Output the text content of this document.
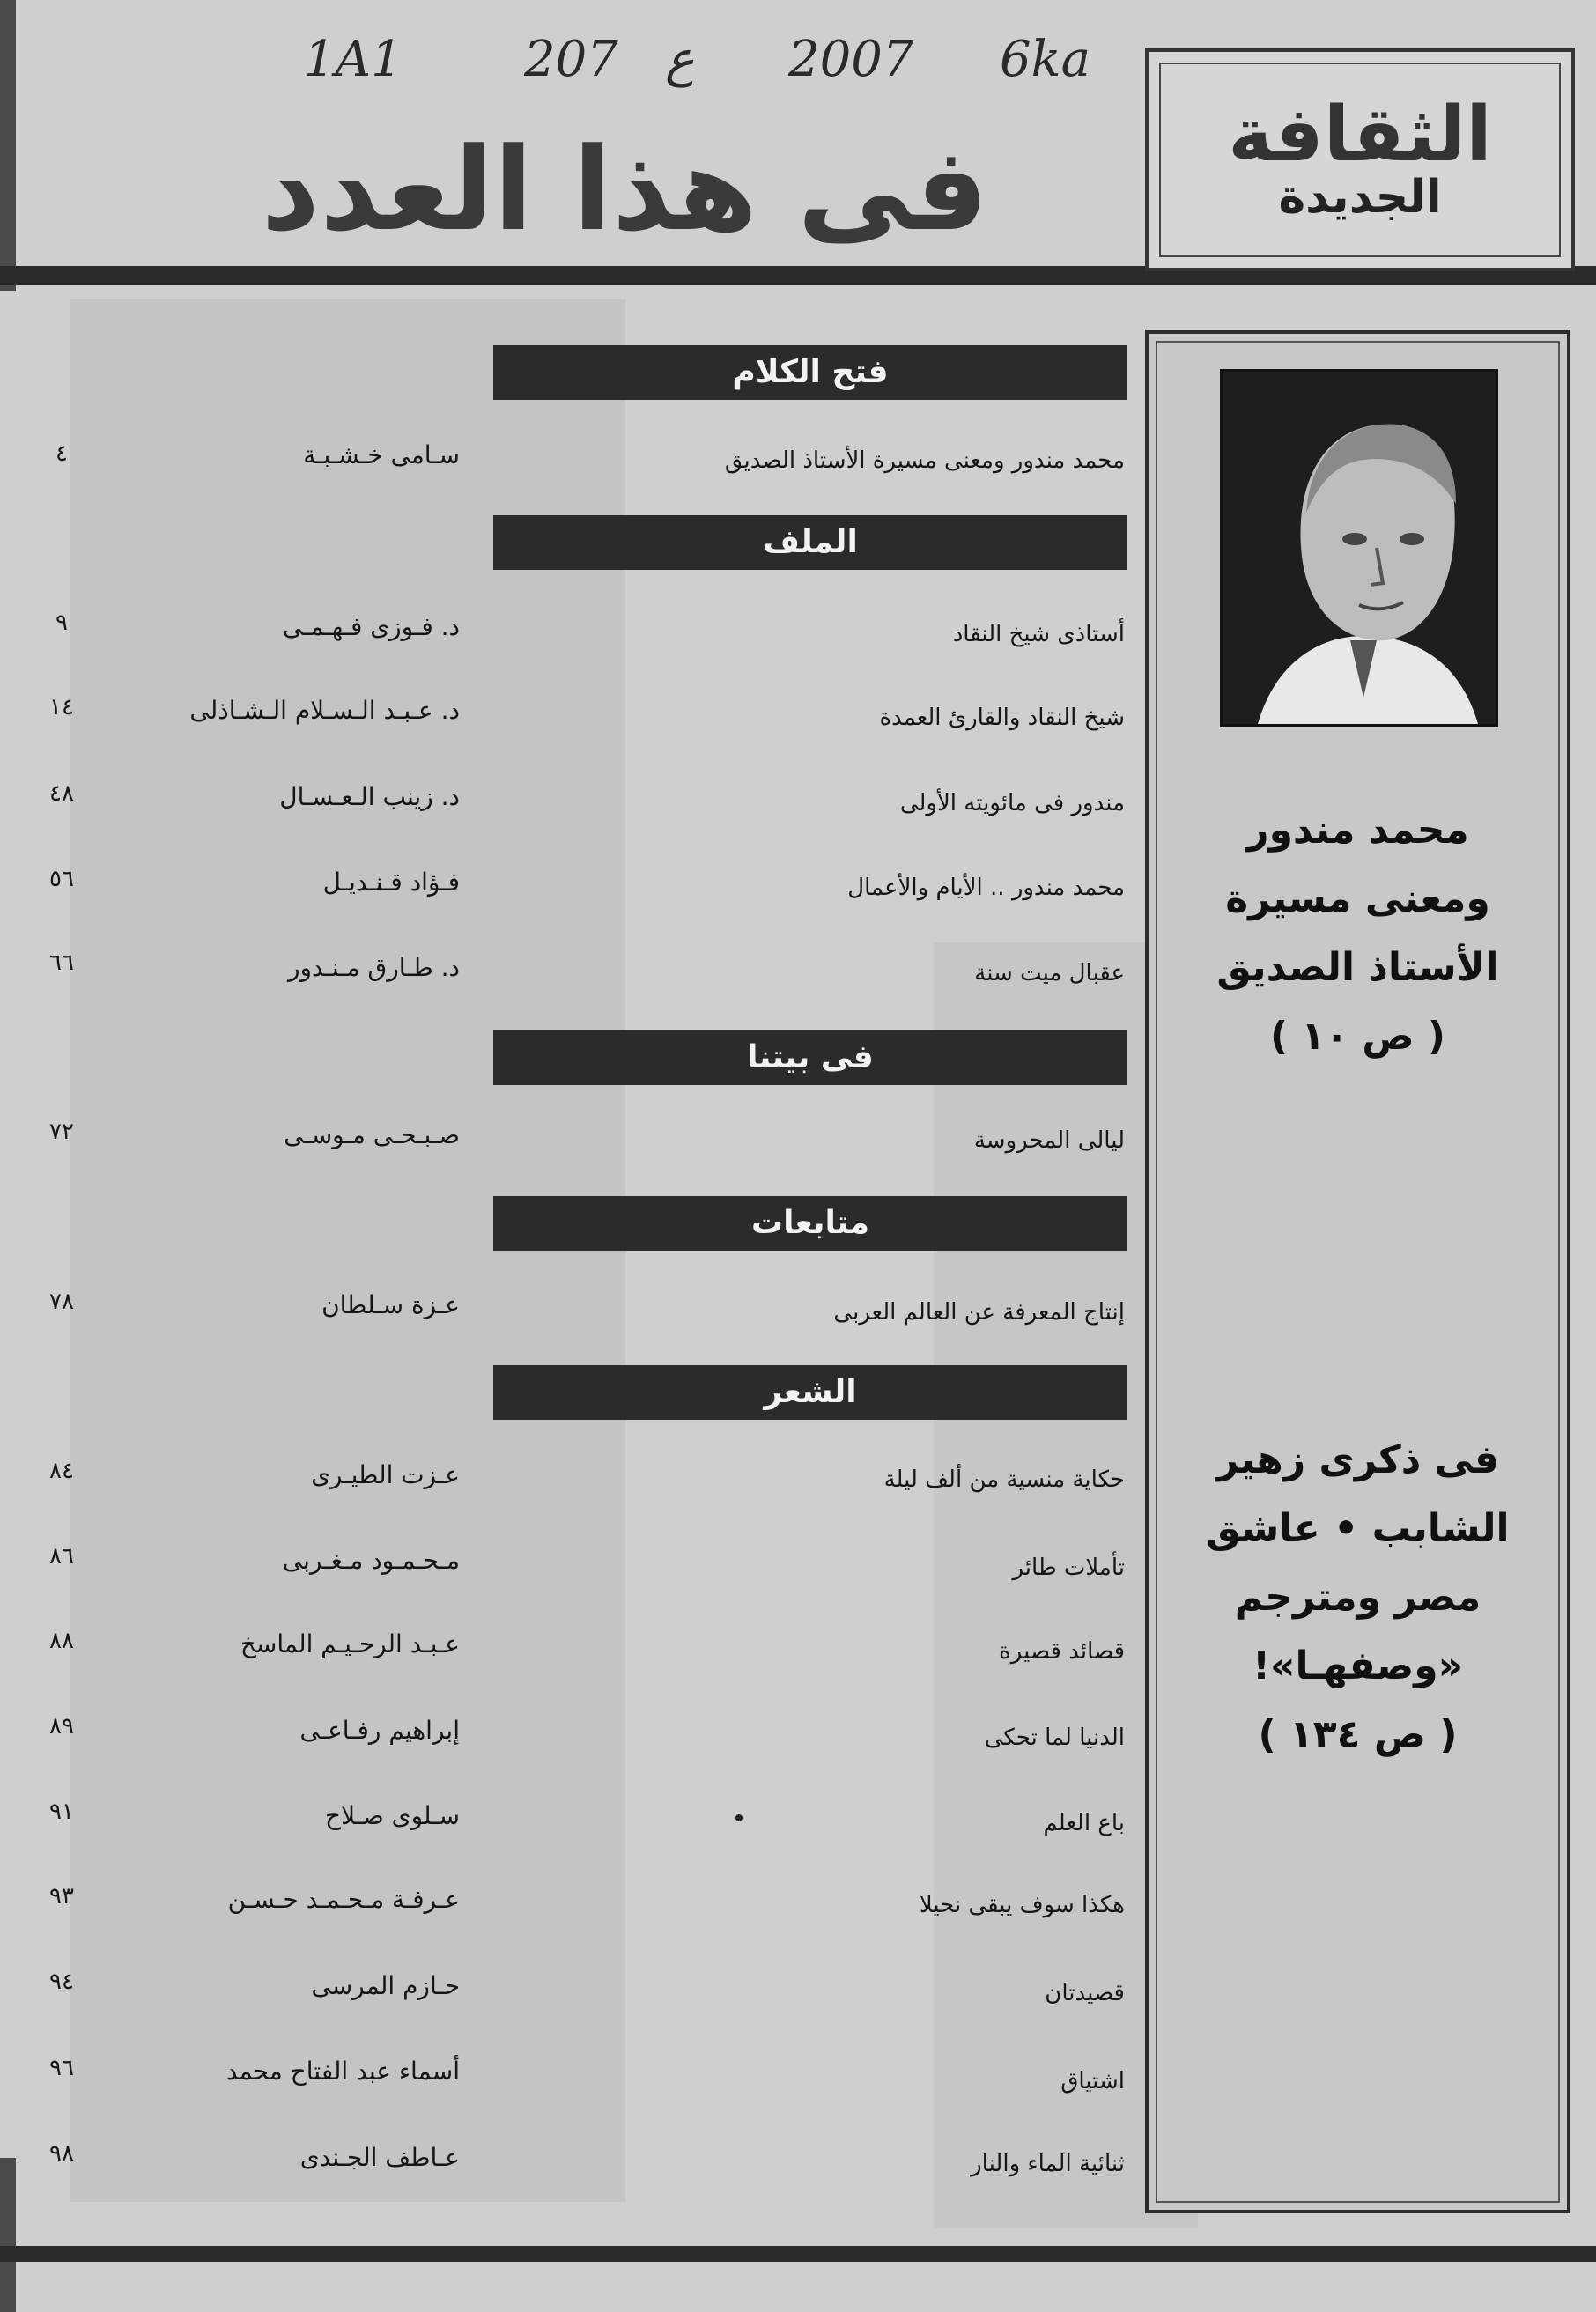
1A1 207 ع 2007 6ka
الثقافة
الجديدة
فى هذا العدد
محمد مندور
ومعنى مسيرة
الأستاذ الصديق
( ص ١٠ )
فى ذكرى زهير
الشابب • عاشق
مصر ومترجم
«وصفهـا»!
( ص ١٣٤ )
فتح الكلام
محمد مندور ومعنى مسيرة الأستاذ الصديق
سـامى خـشـبـة
٤
الملف
أستاذى شيخ النقاد
د. فـوزى فـهـمـى
٩
شيخ النقاد والقارئ العمدة
د. عـبـد الـسـلام الـشـاذلى
١٤
مندور فى مائويته الأولى
د. زينب الـعـسـال
٤٨
محمد مندور .. الأيام والأعمال
فـؤاد قـنـديـل
٥٦
عقبال ميت سنة
د. طـارق مـنـدور
٦٦
فى بيتنا
ليالى المحروسة
صـبـحـى مـوسـى
٧٢
متابعات
إنتاج المعرفة عن العالم العربى
عـزة سـلطان
٧٨
الشعر
حكاية منسية من ألف ليلة
عـزت الطيـرى
٨٤
تأملات طائر
مـحـمـود مـغـربى
٨٦
قصائد قصيرة
عـبـد الرحـيـم الماسخ
٨٨
الدنيا لما تحكى
إبراهيم رفـاعـى
٨٩
باع العلم
سـلوى صـلاح
٩١
هكذا سوف يبقى نحيلا
عـرفـة مـحـمـد حـسـن
٩٣
قصيدتان
حـازم المرسى
٩٤
اشتياق
أسماء عبد الفتاح محمد
٩٦
ثنائية الماء والنار
عـاطف الجـندى
٩٨
